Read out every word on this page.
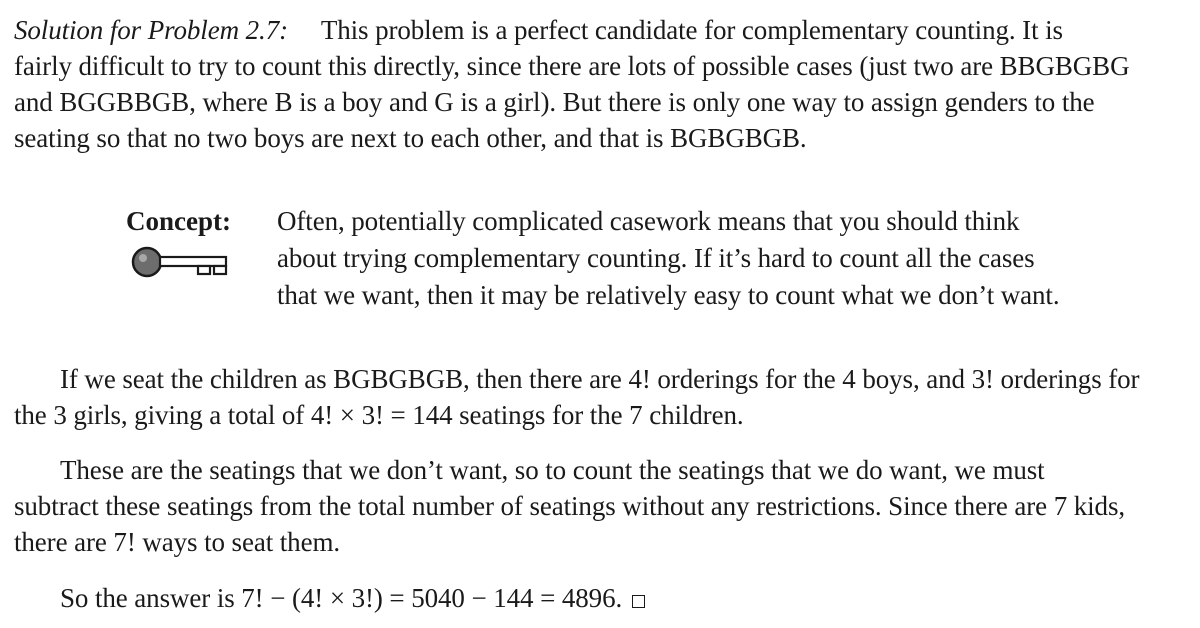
Solution for Problem 2.7: This problem is a perfect candidate for complementary counting. It is
fairly difficult to try to count this directly, since there are lots of possible cases (just two are BBGBGBG
and BGGBBGB, where B is a boy and G is a girl). But there is only one way to assign genders to the
seating so that no two boys are next to each other, and that is BGBGBGB.
Concept: Often, potentially complicated casework means that you should think
about trying complementary counting. If it’s hard to count all the cases
that we want, then it may be relatively easy to count what we don’t want.
If we seat the children as BGBGBGB, then there are 4! orderings for the 4 boys, and 3! orderings for
the 3 girls, giving a total of 4! × 3! = 144 seatings for the 7 children.
These are the seatings that we don’t want, so to count the seatings that we do want, we must
subtract these seatings from the total number of seatings without any restrictions. Since there are 7 kids,
there are 7! ways to seat them.
So the answer is 7! − (4! × 3!) = 5040 − 144 = 4896.
